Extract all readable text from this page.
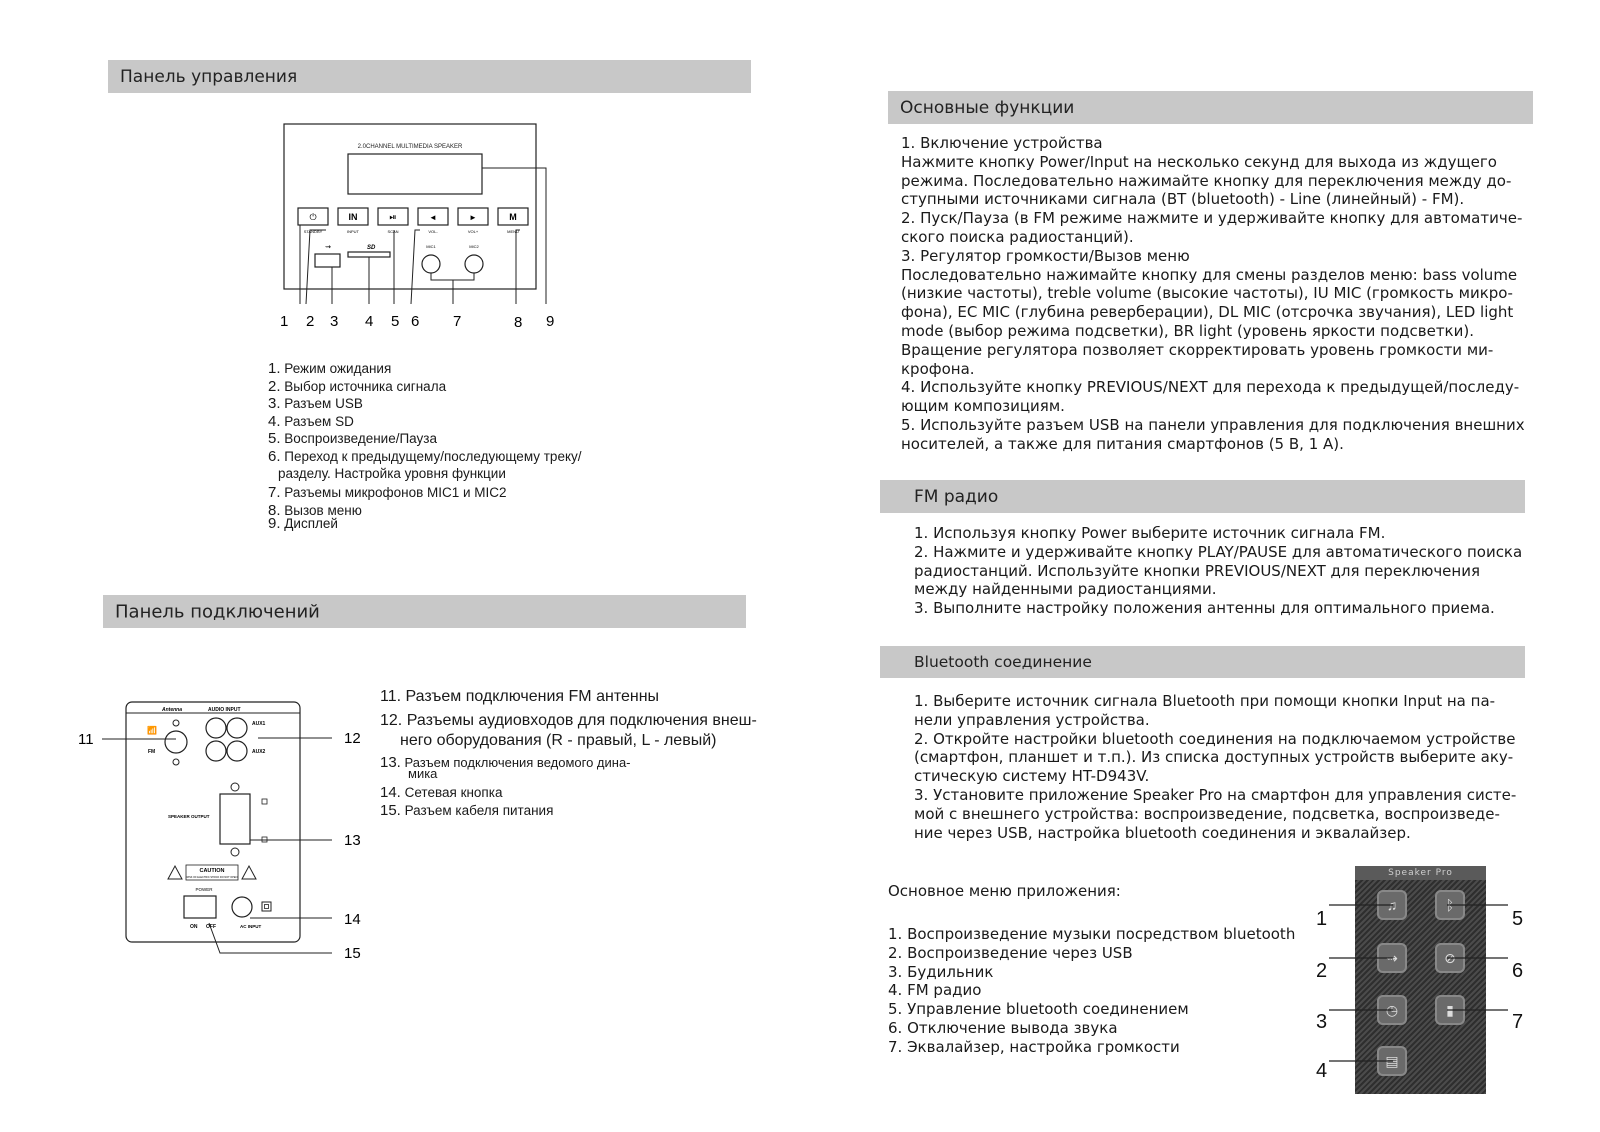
Панель управления
2.0CHANNEL MULTIMEDIA SPEAKER
⏻	IN	⏯	◄	►	M
STANDBY	INPUT	SCAN	VOL-	VOL+	MENU
⇝	SD	MIC1	MIC2
1 2 3 4 5 6 7	8 9
1. Режим ожидания
2. Выбор источника сигнала
3. Разъем USB
4. Разъем SD
5. Воспроизведение/Пауза
6. Переход к предыдущему/последующему треку/
разделу. Настройка уровня функции
7. Разъемы микрофонов MIC1 и MIC2
8. Вызов меню
9. Дисплей
Панель подключений
Antenna	AUDIO INPUT
📶
FM
AUX1
AUX2
SPEAKER OUTPUT
CAUTION
RISK OF ELECTRIC SHOCK DO NOT OPEN
POWER
ON OFF	AC INPUT
11	12
13
14
15
11. Разъем подключения FM антенны
12. Разъемы аудиовходов для подключения внеш-
него оборудования (R - правый, L - левый)
13. Разъем подключения ведомого дина-
мика
14. Сетевая кнопка
15. Разъем кабеля питания
Основные функции
1. Включение устройства
Нажмите кнопку Power/Input на несколько секунд для выхода из ждущего
режима. Последовательно нажимайте кнопку для переключения между до-
ступными источниками сигнала (BT (bluetooth) - Line (линейный) - FM).
2. Пуск/Пауза (в FM режиме нажмите и удерживайте кнопку для автоматиче-
ского поиска радиостанций).
3. Регулятор громкости/Вызов меню
Последовательно нажимайте кнопку для смены разделов меню: bass volume
(низкие частоты), treble volume (высокие частоты), IU MIC (громкость микро-
фона), EC MIC (глубина реверберации), DL MIC (отсрочка звучания), LED light
mode (выбор режима подсветки), BR light (уровень яркости подсветки).
Вращение регулятора позволяет скорректировать уровень громкости ми-
крофона.
4. Используйте кнопку PREVIOUS/NEXT для перехода к предыдущей/последу-
ющим композициям.
5. Используйте разъем USB на панели управления для подключения внешних
носителей, а также для питания смартфонов (5 В, 1 А).
FM радио
1. Используя кнопку Power выберите источник сигнала FM.
2. Нажмите и удерживайте кнопку PLAY/PAUSE для автоматического поиска
радиостанций. Используйте кнопки PREVIOUS/NEXT для переключения
между найденными радиостанциями.
3. Выполните настройку положения антенны для оптимального приема.
Bluetooth соединение
1. Выберите источник сигнала Bluetooth при помощи кнопки Input на па-
нели управления устройства.
2. Откройте настройки bluetooth соединения на подключаемом устройстве
(смартфон, планшет и т.п.). Из списка доступных устройств выберите аку-
стическую систему HT-D943V.
3. Установите приложение Speaker Pro на смартфон для управления систе-
мой с внешнего устройства: воспроизведение, подсветка, воспроизведе-
ние через USB, настройка bluetooth соединения и эквалайзер.
Основное меню приложения:
1. Воспроизведение музыки посредством bluetooth
2. Воспроизведение через USB
3. Будильник
4. FM радио
5. Управление bluetooth соединением
6. Отключение вывода звука
7. Эквалайзер, настройка громкости
Speaker Pro
♫	ᛒ
⇝	⊘
◷	▮
▤
1
2
3
4
5
6
7
